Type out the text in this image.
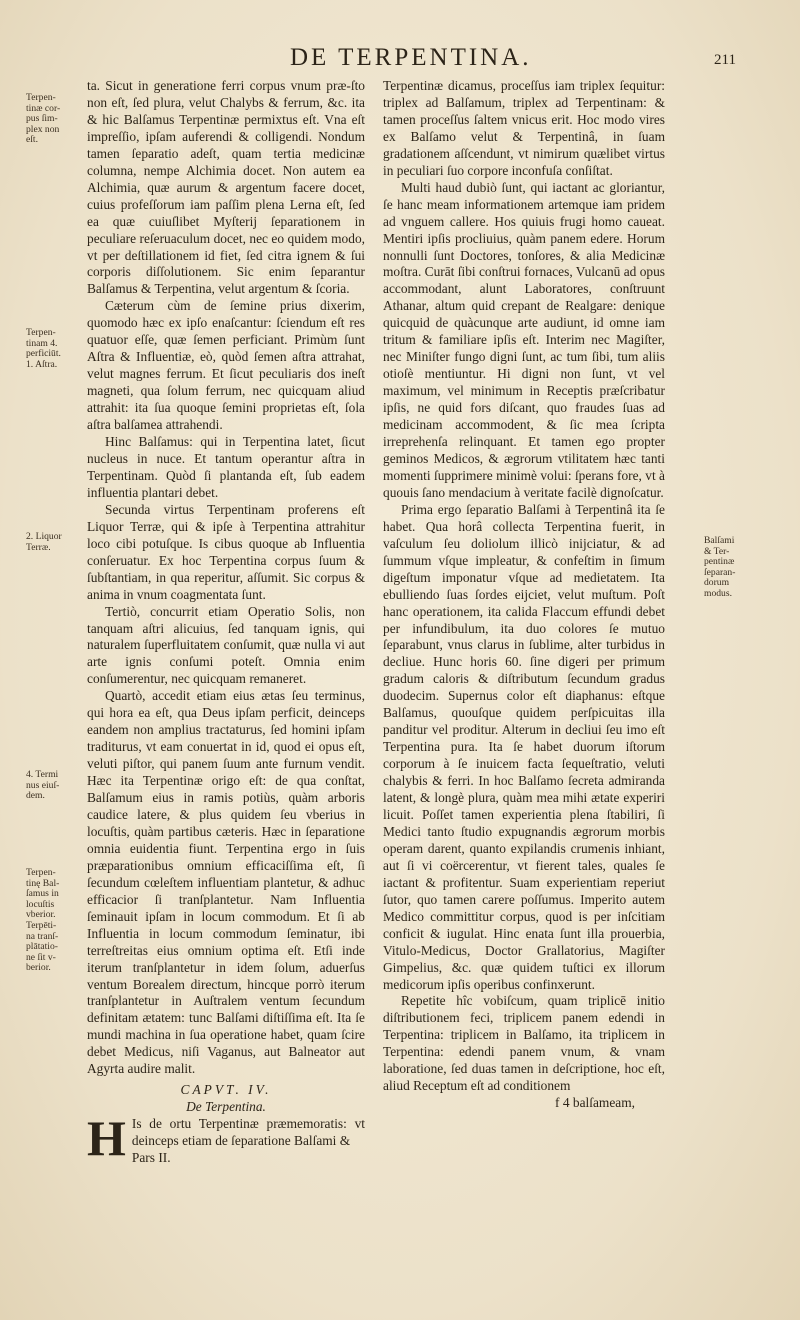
DE TERPENTINA.	211
Terpen-
tinæ cor-
pus ſim-
plex non
eſt.
Terpen-
tinam 4.
perficiūt.
1. Aſtra.
2. Liquor
Terræ.
4. Termi
nus eiuſ-
dem.
Terpen-
tinę Bal-
ſamus in
locuſtis
vberior.
Terpēti-
na tranſ-
plātatio-
ne ſit v-
berior.
Balſami
& Ter-
pentinæ
ſeparan-
dorum
modus.

ta. Sicut in generatione ferri corpus vnum præ-ſto non eſt, ſed plura, velut Chalybs & ferrum, &c. ita & hic Balſamus Terpentinæ permixtus eſt. Vna eſt impreſſio, ipſam auferendi & colligendi. Nondum tamen ſeparatio adeſt, quam tertia medicinæ columna, nempe Alchimia docet. Non autem ea Alchimia, quæ aurum & argentum facere docet, cuius profeſſorum iam paſſim plena Lerna eſt, ſed ea quæ cuiuſlibet Myſterij ſeparationem in peculiare reſeruaculum docet, nec eo quidem modo, vt per deſtillationem id fiet, ſed citra ignem & ſui corporis diſſolutionem. Sic enim ſeparantur Balſamus & Terpentina, velut argentum & ſcoria.

Cæterum cùm de ſemine prius dixerim, quomodo hæc ex ipſo enaſcantur: ſciendum eſt res quatuor eſſe, quæ ſemen perficiant. Primùm ſunt Aſtra & Influentiæ, eò, quòd ſemen aſtra attrahat, velut magnes ferrum. Et ſicut peculiaris dos ineſt magneti, qua ſolum ferrum, nec quicquam aliud attrahit: ita ſua quoque ſemini proprietas eſt, ſola aſtra balſamea attrahendi.

Hinc Balſamus: qui in Terpentina latet, ſicut nucleus in nuce. Et tantum operantur aſtra in Terpentinam. Quòd ſi plantanda eſt, ſub eadem influentia plantari debet.

Secunda virtus Terpentinam proferens eſt Liquor Terræ, qui & ipſe à Terpentina attrahitur loco cibi potuſque. Is cibus quoque ab Influentia conſeruatur. Ex hoc Terpentina corpus ſuum & ſubſtantiam, in qua reperitur, aſſumit. Sic corpus & anima in vnum coagmentata ſunt.

Tertiò, concurrit etiam Operatio Solis, non tanquam aſtri alicuius, ſed tanquam ignis, qui naturalem ſuperfluitatem conſumit, quæ nulla vi aut arte ignis conſumi poteſt. Omnia enim conſumerentur, nec quicquam remaneret.

Quartò, accedit etiam eius ætas ſeu terminus, qui hora ea eſt, qua Deus ipſam perficit, deinceps eandem non amplius tractaturus, ſed homini ipſam traditurus, vt eam conuertat in id, quod ei opus eſt, veluti piſtor, qui panem ſuum ante furnum vendit. Hæc ita Terpentinæ origo eſt: de qua conſtat, Balſamum eius in ramis potiùs, quàm arboris caudice latere, & plus quidem ſeu vberius in locuſtis, quàm partibus cæteris. Hæc in ſeparatione omnia euidentia fiunt. Terpentina ergo in ſuis præparationibus omnium efficaciſſima eſt, ſi ſecundum cœleſtem influentiam plantetur, & adhuc efficacior ſi tranſplantetur. Nam Influentia ſeminauit ipſam in locum commodum. Et ſi ab Influentia in locum commodum ſeminatur, ibi terreſtreitas eius omnium optima eſt. Etſi inde iterum tranſplantetur in idem ſolum, aduerſus ventum Borealem directum, hincque porrò iterum tranſplantetur in Auſtralem ventum ſecundum definitam ætatem: tunc Balſami diſtiſſima eſt. Ita ſe mundi machina in ſua operatione habet, quam ſcire debet Medicus, niſi Vaganus, aut Balneator aut Agyrta audire malit.

CAPVT. IV.
De Terpentina.

H Is de ortu Terpentinæ præmemoratis: vt deinceps etiam de ſeparatione Balſami &

Pars II.

Terpentinæ dicamus, proceſſus iam triplex ſequitur: triplex ad Balſamum, triplex ad Terpentinam: & tamen proceſſus ſaltem vnicus erit. Hoc modo vires ex Balſamo velut & Terpentinâ, in ſuam gradationem aſſcendunt, vt nimirum quælibet virtus in peculiari ſuo corpore inconfuſa conſiſtat.

Multi haud dubiò ſunt, qui iactant ac gloriantur, ſe hanc meam informationem artemque iam pridem ad vnguem callere. Hos quiuis frugi homo caueat. Mentiri ipſis procliuius, quàm panem edere. Horum nonnulli ſunt Doctores, tonſores, & alia Medicinæ moſtra. Curāt ſibi conſtrui fornaces, Vulcanū ad opus accommodant, alunt Laboratores, conſtruunt Athanar, altum quid crepant de Realgare: denique quicquid de quàcunque arte audiunt, id omne iam tritum & familiare ipſis eſt. Interim nec Magiſter, nec Miniſter fungo digni ſunt, ac tum ſibi, tum aliis otioſè mentiuntur. Hi digni non ſunt, vt vel maximum, vel minimum in Receptis præſcribatur ipſis, ne quid fors diſcant, quo fraudes ſuas ad medicinam accommodent, & ſic mea ſcripta irreprehenſa relinquant. Et tamen ego propter geminos Medicos, & ægrorum vtilitatem hæc tanti momenti ſupprimere minimè volui: ſperans fore, vt à quouis ſano mendacium à veritate facilè dignoſcatur.

Prima ergo ſeparatio Balſami à Terpentinâ ita ſe habet. Qua horâ collecta Terpentina fuerit, in vaſculum ſeu doliolum illicò inijciatur, & ad ſummum vſque impleatur, & confeſtim in ſimum digeſtum imponatur vſque ad medietatem. Ita ebulliendo ſuas ſordes eijciet, velut muſtum. Poſt hanc operationem, ita calida Flaccum effundi debet per infundibulum, ita duo colores ſe mutuo ſeparabunt, vnus clarus in ſublime, alter turbidus in decliue. Hunc horis 60. ſine digeri per primum gradum caloris & diſtributum ſecundum gradus duodecim. Supernus color eſt diaphanus: eſtque Balſamus, quouſque quidem perſpicuitas illa panditur vel proditur. Alterum in decliui ſeu imo eſt Terpentina pura. Ita ſe habet duorum iſtorum corporum à ſe inuicem facta ſequeſtratio, veluti chalybis & ferri. In hoc Balſamo ſecreta admiranda latent, & longè plura, quàm mea mihi ætate experiri licuit. Poſſet tamen experientia plena ſtabiliri, ſi Medici tanto ſtudio expugnandis ægrorum morbis operam darent, quanto expilandis crumenis inhiant, aut ſi vi coërcerentur, vt fierent tales, quales ſe iactant & profitentur. Suam experientiam reperiut ſutor, quo tamen carere poſſumus. Imperito autem Medico committitur corpus, quod is per inſcitiam conficit & iugulat. Hinc enata ſunt illa prouerbia, Vitulo-Medicus, Doctor Grallatorius, Magiſter Gimpelius, &c. quæ quidem tuſtici ex illorum medicorum ipſis operibus confinxerunt.

Repetite hîc vobiſcum, quam triplicē initio diſtributionem feci, triplicem panem edendi in Terpentina: triplicem in Balſamo, ita triplicem in Terpentina: edendi panem vnum, & vnam laboratione, ſed duas tamen in deſcriptione, hoc eſt, aliud Receptum eſt ad conditionem

f 4 balſameam,
